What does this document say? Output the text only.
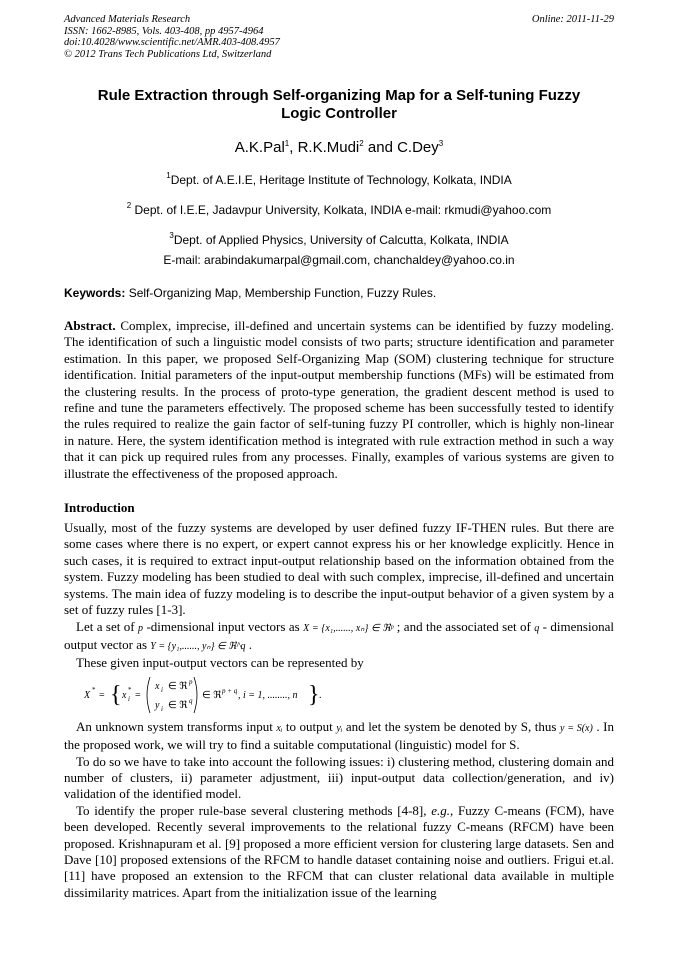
Advanced Materials Research
ISSN: 1662-8985, Vols. 403-408, pp 4957-4964
doi:10.4028/www.scientific.net/AMR.403-408.4957
© 2012 Trans Tech Publications Ltd, Switzerland
Online: 2011-11-29
Rule Extraction through Self-organizing Map for a Self-tuning Fuzzy Logic Controller
A.K.Pal$^1$, R.K.Mudi$^2$ and C.Dey$^3$
$^1$Dept. of A.E.I.E, Heritage Institute of Technology, Kolkata, INDIA
$^2$ Dept. of I.E.E, Jadavpur University, Kolkata, INDIA e-mail: rkmudi@yahoo.com
$^3$Dept. of Applied Physics, University of Calcutta, Kolkata, INDIA
E-mail: arabindakumarpal@gmail.com, chanchaldey@yahoo.co.in
Keywords: Self-Organizing Map, Membership Function, Fuzzy Rules.
Abstract. Complex, imprecise, ill-defined and uncertain systems can be identified by fuzzy modeling. The identification of such a linguistic model consists of two parts; structure identification and parameter estimation. In this paper, we proposed Self-Organizing Map (SOM) clustering technique for structure identification. Initial parameters of the input-output membership functions (MFs) will be estimated from the clustering results. In the process of proto-type generation, the gradient descent method is used to refine and tune the parameters effectively. The proposed scheme has been successfully tested to identify the rules required to realize the gain factor of self-tuning fuzzy PI controller, which is highly non-linear in nature. Here, the system identification method is integrated with rule extraction method in such a way that it can pick up required rules from any processes. Finally, examples of various systems are given to illustrate the effectiveness of the proposed approach.
Introduction
Usually, most of the fuzzy systems are developed by user defined fuzzy IF-THEN rules. But there are some cases where there is no expert, or expert cannot express his or her knowledge explicitly. Hence in such cases, it is required to extract input-output relationship based on the information obtained from the system. Fuzzy modeling has been studied to deal with such complex, imprecise, ill-defined and uncertain systems. The main idea of fuzzy modeling is to describe the input-output behavior of a given system by a set of fuzzy rules [1-3].
Let a set of p -dimensional input vectors as X = {x₁,......, xₙ} ∈ ℜᵖ ; and the associated set of q - dimensional output vector as Y = {y₁,......, yₙ} ∈ ℜ^q .
These given input-output vectors can be represented by
X * = { x i
* =
x i ∈ ℜ p
y i ∈ ℜ q ∈ ℜ p + q , i = 1, ........, n } .
An unknown system transforms input xᵢ to output yᵢ and let the system be denoted by S, thus y = S(x) . In the proposed work, we will try to find a suitable computational (linguistic) model for S.
To do so we have to take into account the following issues: i) clustering method, clustering domain and number of clusters, ii) parameter adjustment, iii) input-output data collection/generation, and iv) validation of the identified model.
To identify the proper rule-base several clustering methods [4-8], e.g., Fuzzy C-means (FCM), have been developed. Recently several improvements to the relational fuzzy C-means (RFCM) have been proposed. Krishnapuram et al. [9] proposed a more efficient version for clustering large datasets. Sen and Dave [10] proposed extensions of the RFCM to handle dataset containing noise and outliers. Frigui et.al. [11] have proposed an extension to the RFCM that can cluster relational data available in multiple dissimilarity matrices. Apart from the initialization issue of the learning
